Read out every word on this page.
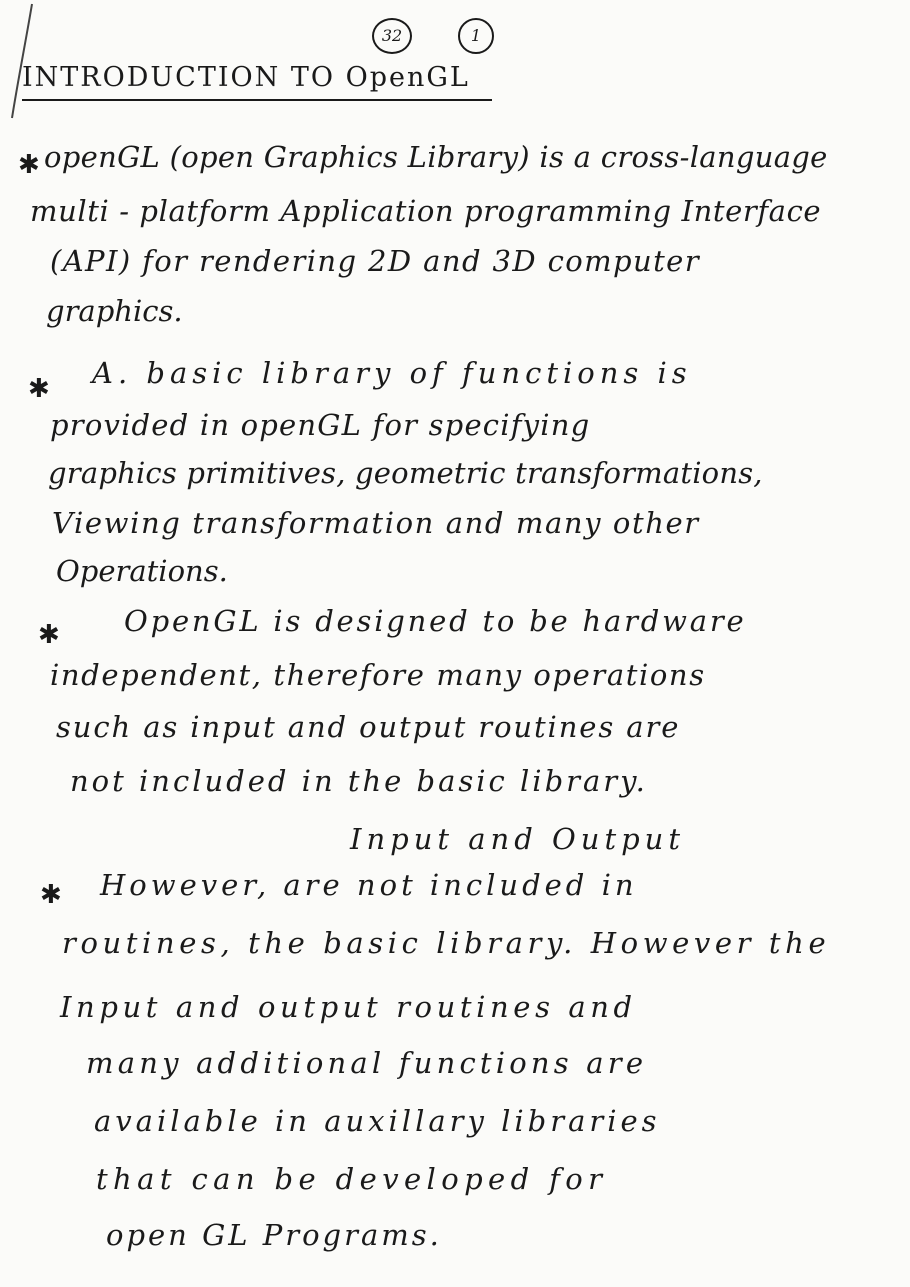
32	1
INTRODUCTION TO OpenGL
✱ openGL (open Graphics Library) is a cross-language
multi - platform Application programming Interface
(API) for rendering 2D and 3D computer
graphics.
✱ A. basic library of functions is
provided in openGL for specifying
graphics primitives, geometric transformations,
Viewing transformation and many other
Operations.
✱ OpenGL is designed to be hardware
independent, therefore many operations
such as input and output routines are
not included in the basic library.
Input and Output
✱ However, are not included in
routines, the basic library. However the
Input and output routines and
many additional functions are
available in auxillary libraries
that can be developed for
open GL Programs.
